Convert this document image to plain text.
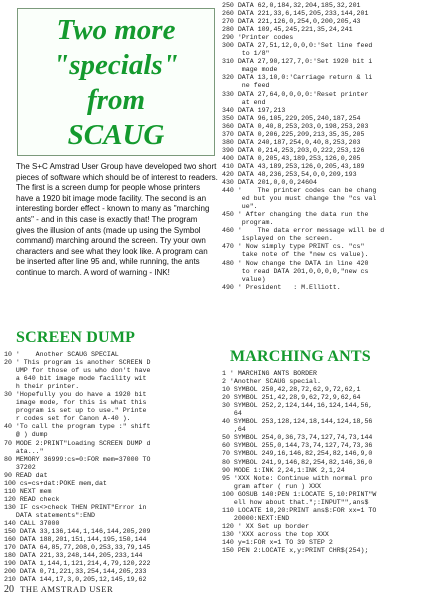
Two more
"specials" from
SCAUG
The S+C Amstrad User Group have developed two short pieces of software which should be of interest to readers. The first is a screen dump for people whose printers have a 1920 bit image mode facility. The second is an interesting border effect - known to many as "marching ants" - and in this case is exactly that! The program gives the illusion of ants (made up using the Symbol command) marching around the screen. Try your own characters and see what they look like. A program can be inserted after line 95 and, while running, the ants continue to march. A word of warning - INK!
SCREEN DUMP
10 '    Another SCAUG SPECIAL
20 ' This program is another SCREEN D
UMP for those of us who don't have
a 640 bit image mode facility wit
h their printer.
30 'Hopefully you do have a 1920 bit
image mode, for this is what this
program is set up to use." Printe
r codes set for Canon A-40 ).
40 'To call the program type :" shift
@ ) dump
70 MODE 2:PRINT"Loading SCREEN DUMP d
ata..."
80 MEMORY 36999:cs=0:FOR mem=37000 TO
37202
90 READ dat
100 cs=cs+dat:POKE mem,dat
110 NEXT mem
120 READ check
130 IF cs<>check THEN PRINT"Error in
DATA statements":END
140 CALL 37000
150 DATA 33,136,144,1,146,144,205,209
160 DATA 188,201,151,144,195,150,144
170 DATA 64,85,77,208,0,253,33,79,145
180 DATA 221,33,248,144,205,233,144
190 DATA 1,144,1,121,214,4,79,120,222
200 DATA 0,71,221,33,254,144,205,233
210 DATA 144,17,3,0,205,12,145,19,62

250 DATA 62,0,184,32,204,185,32,201
260 DATA 221,33,6,145,205,233,144,201
270 DATA 221,126,0,254,0,200,205,43
280 DATA 109,45,245,221,35,24,241
290 'Printer codes
300 DATA 27,51,12,0,0,0:'Set line feed
to 1/8"
310 DATA 27,90,127,7,0:'Set 1920 bit i
mage mode
320 DATA 13,10,0:'Carriage return & li
ne feed
330 DATA 27,64,0,0,0,0:'Reset printer
at end
340 DATA 197,213
350 DATA 96,105,229,205,240,187,254
360 DATA 0,40,8,253,203,0,198,253,203
370 DATA 0,206,225,209,213,35,35,205
380 DATA 240,187,254,0,40,8,253,203
390 DATA 0,214,253,203,0,222,253,126
400 DATA 0,205,43,189,253,126,0,205
410 DATA 43,189,253,126,0,205,43,189
420 DATA 48,236,253,54,0,0,209,193
430 DATA 201,0,0,0,24604
440 '    The printer codes can be chang
ed but you must change the "cs val
ue".
450 ' After changing the data run the
program.
460 '    The data error message will be d
isplayed on the screen.
470 ' Now simply type PRINT cs. "cs"
take note of the "new cs value).
480 ' Now change the DATA in line 420
to read DATA 201,0,0,0,0,"new cs
value)
490 ' President   : M.Elliott.
MARCHING ANTS
1 ' MARCHING ANTS BORDER
2 'Another SCAUG special.
10 SYMBOL 250,42,28,72,62,9,72,62,1
20 SYMBOL 251,42,28,9,62,72,9,62,64
30 SYMBOL 252,2,124,144,16,124,144,56,
64
40 SYMBOL 253,128,124,18,144,124,18,56
,64
50 SYMBOL 254,0,36,73,74,127,74,73,144
60 SYMBOL 255,0,144,73,74,127,74,73,36
70 SYMBOL 249,16,146,82,254,82,146,9,0
80 SYMBOL 241,9,146,82,254,82,146,36,0
90 MODE 1:INK 2,24,1:INK 2,1,24
95 'XXX Note: Continue with normal pro
gram after ( run ) XXX
100 GOSUB 140:PEN 1:LOCATE 5,10:PRINT"W
ell how about that.";:INPUT"",ans$
110 LOCATE 10,20:PRINT ans$:FOR xx=1 TO
20000:NEXT:END
120 ' XX Set up border
130 'XXX across the top XXX
140 y=1:FOR x=1 TO 39 STEP 2
150 PEN 2:LOCATE x,y:PRINT CHR$(254);
20 THE AMSTRAD USER
